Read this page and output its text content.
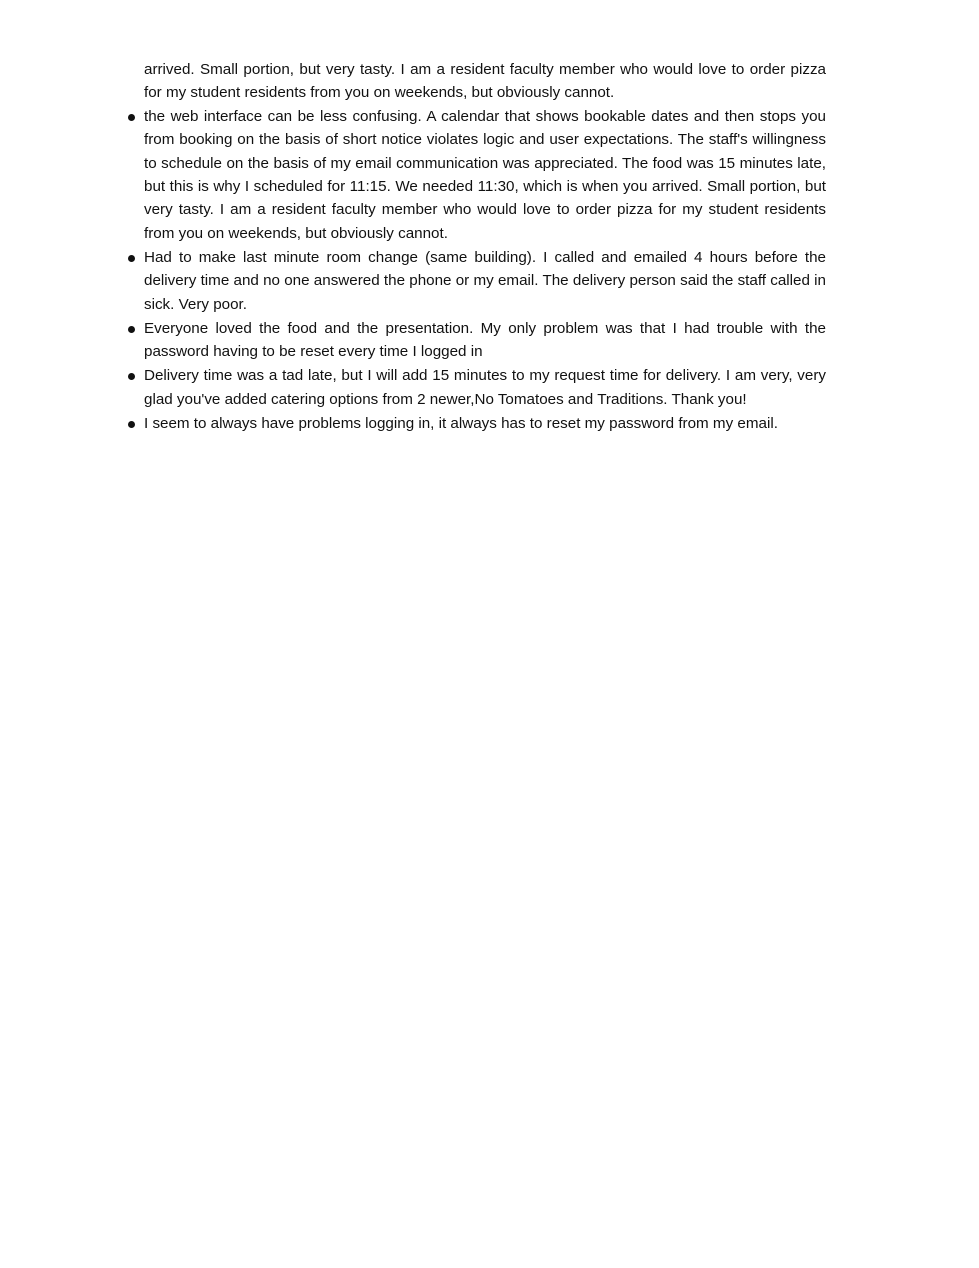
arrived. Small portion, but very tasty. I am a resident faculty member who would love to order pizza for my student residents from you on weekends, but obviously cannot.

the web interface can be less confusing. A calendar that shows bookable dates and then stops you from booking on the basis of short notice violates logic and user expectations. The staff's willingness to schedule on the basis of my email communication was appreciated. The food was 15 minutes late, but this is why I scheduled for 11:15. We needed 11:30, which is when you arrived. Small portion, but very tasty. I am a resident faculty member who would love to order pizza for my student residents from you on weekends, but obviously cannot.
Had to make last minute room change (same building). I called and emailed 4 hours before the delivery time and no one answered the phone or my email. The delivery person said the staff called in sick. Very poor.
Everyone loved the food and the presentation. My only problem was that I had trouble with the password having to be reset every time I logged in
Delivery time was a tad late, but I will add 15 minutes to my request time for delivery. I am very, very glad you've added catering options from 2 newer,No Tomatoes and Traditions. Thank you!
I seem to always have problems logging in, it always has to reset my password from my email.
